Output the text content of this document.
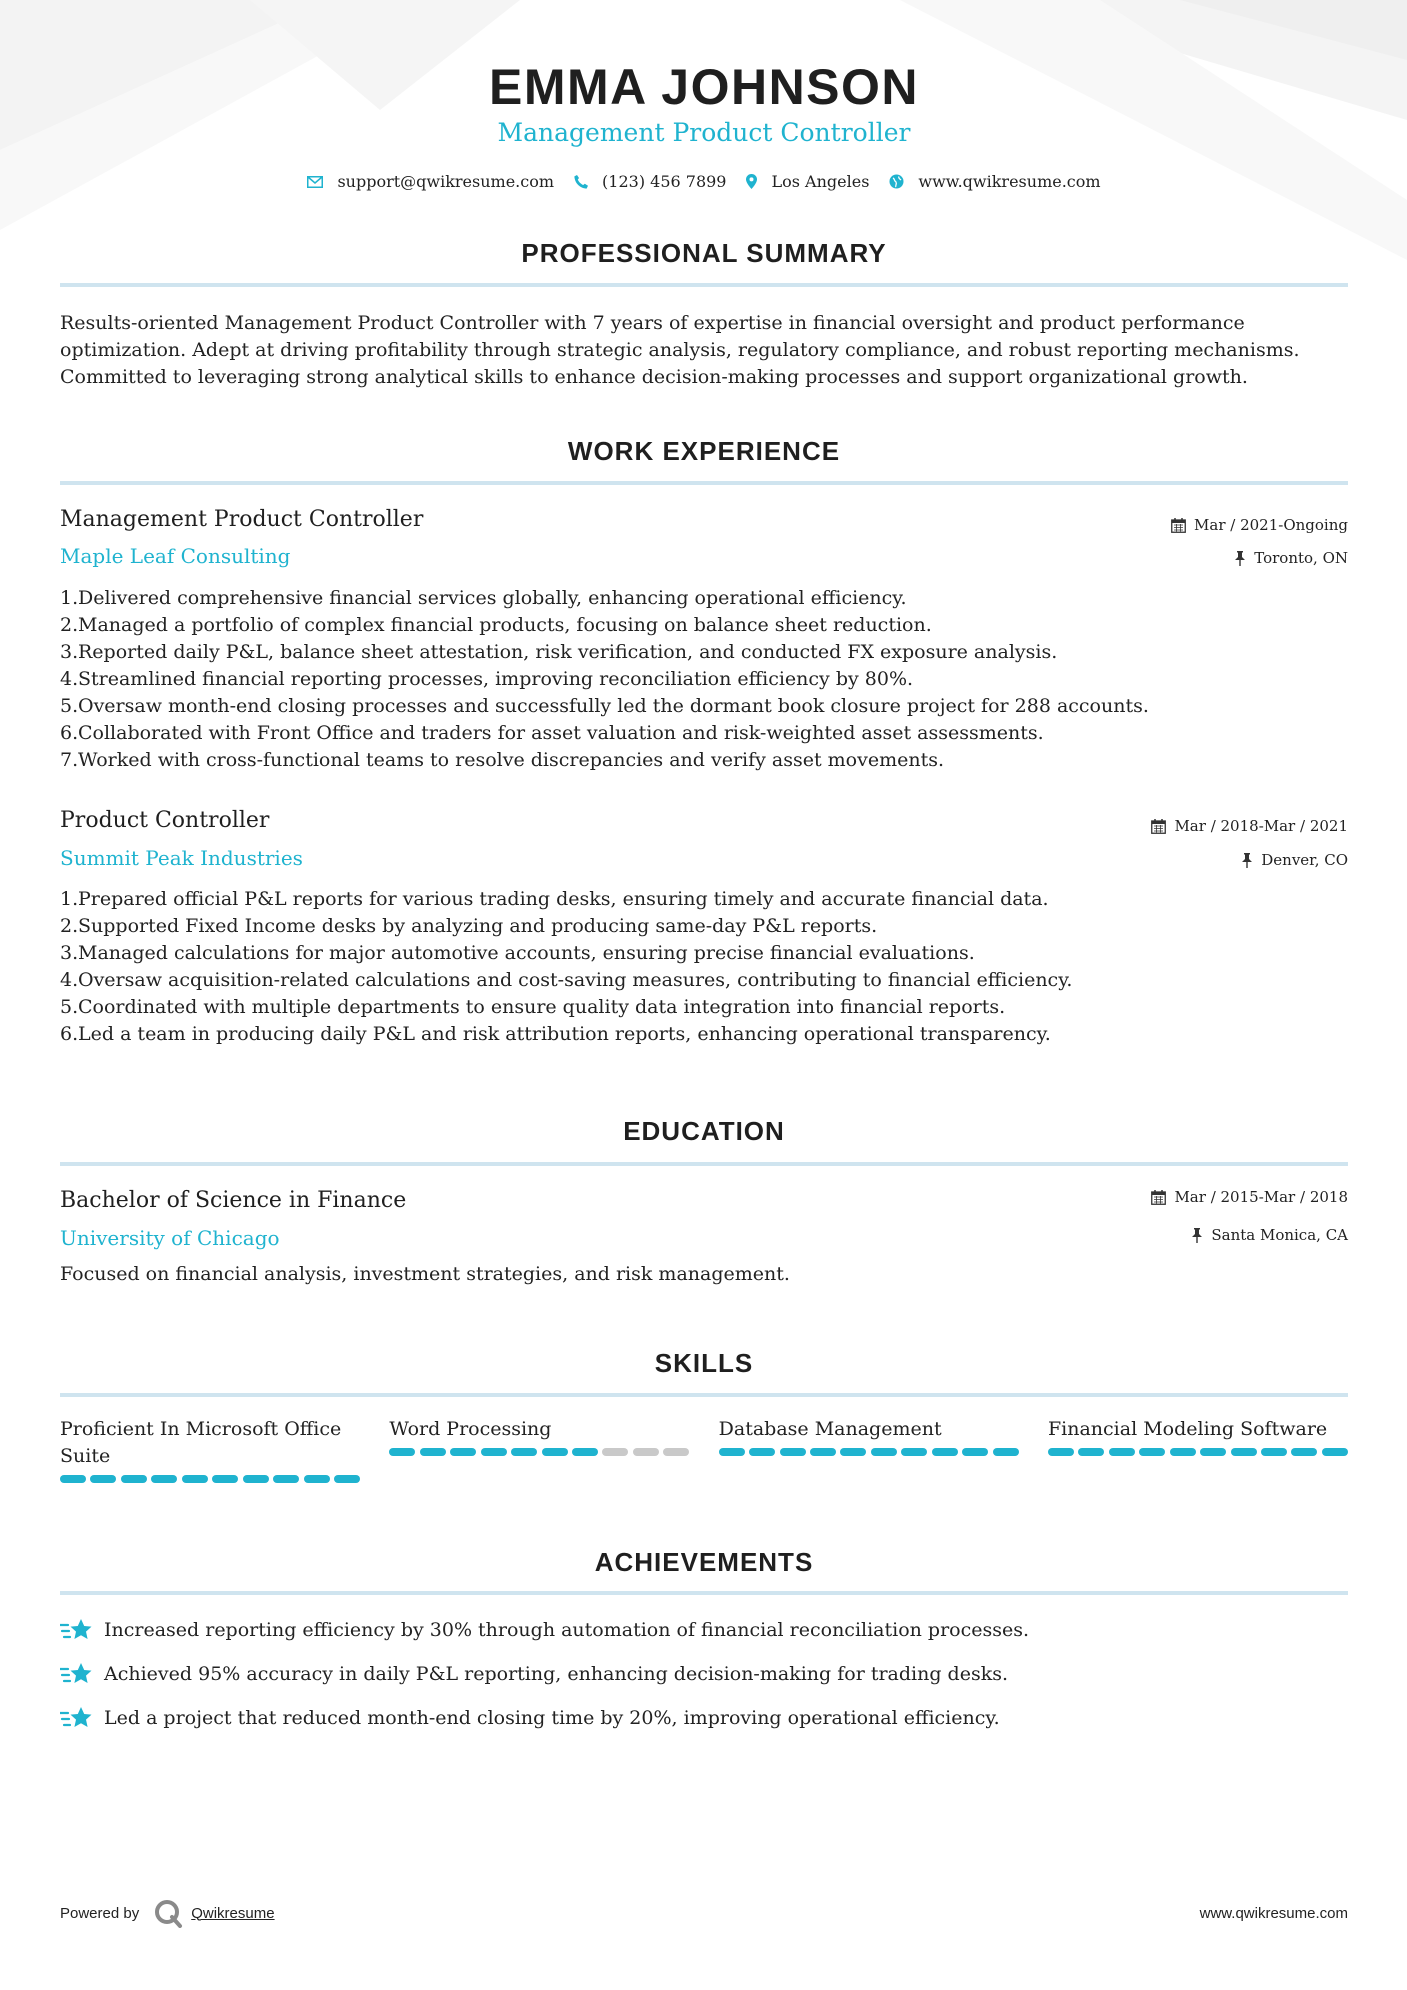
EMMA JOHNSON
Management Product Controller
support@qwikresume.com	(123) 456 7899	Los Angeles	www.qwikresume.com
PROFESSIONAL SUMMARY
Results-oriented Management Product Controller with 7 years of expertise in financial oversight and product performance
optimization. Adept at driving profitability through strategic analysis, regulatory compliance, and robust reporting mechanisms.
Committed to leveraging strong analytical skills to enhance decision-making processes and support organizational growth.
WORK EXPERIENCE
Management Product Controller
Maple Leaf Consulting
Mar / 2021-Ongoing
Toronto, ON
1. Delivered comprehensive financial services globally, enhancing operational efficiency.
2. Managed a portfolio of complex financial products, focusing on balance sheet reduction.
3. Reported daily P&L, balance sheet attestation, risk verification, and conducted FX exposure analysis.
4. Streamlined financial reporting processes, improving reconciliation efficiency by 80%.
5. Oversaw month-end closing processes and successfully led the dormant book closure project for 288 accounts.
6. Collaborated with Front Office and traders for asset valuation and risk-weighted asset assessments.
7. Worked with cross-functional teams to resolve discrepancies and verify asset movements.
Product Controller
Summit Peak Industries
Mar / 2018-Mar / 2021
Denver, CO
1. Prepared official P&L reports for various trading desks, ensuring timely and accurate financial data.
2. Supported Fixed Income desks by analyzing and producing same-day P&L reports.
3. Managed calculations for major automotive accounts, ensuring precise financial evaluations.
4. Oversaw acquisition-related calculations and cost-saving measures, contributing to financial efficiency.
5. Coordinated with multiple departments to ensure quality data integration into financial reports.
6. Led a team in producing daily P&L and risk attribution reports, enhancing operational transparency.
EDUCATION
Bachelor of Science in Finance
University of Chicago
Mar / 2015-Mar / 2018
Santa Monica, CA
Focused on financial analysis, investment strategies, and risk management.
SKILLS
Proficient In Microsoft Office Suite
Word Processing	Database Management	Financial Modeling Software
ACHIEVEMENTS
Increased reporting efficiency by 30% through automation of financial reconciliation processes.
Achieved 95% accuracy in daily P&L reporting, enhancing decision-making for trading desks.
Led a project that reduced month-end closing time by 20%, improving operational efficiency.
Powered by	Qwikresume	www.qwikresume.com
